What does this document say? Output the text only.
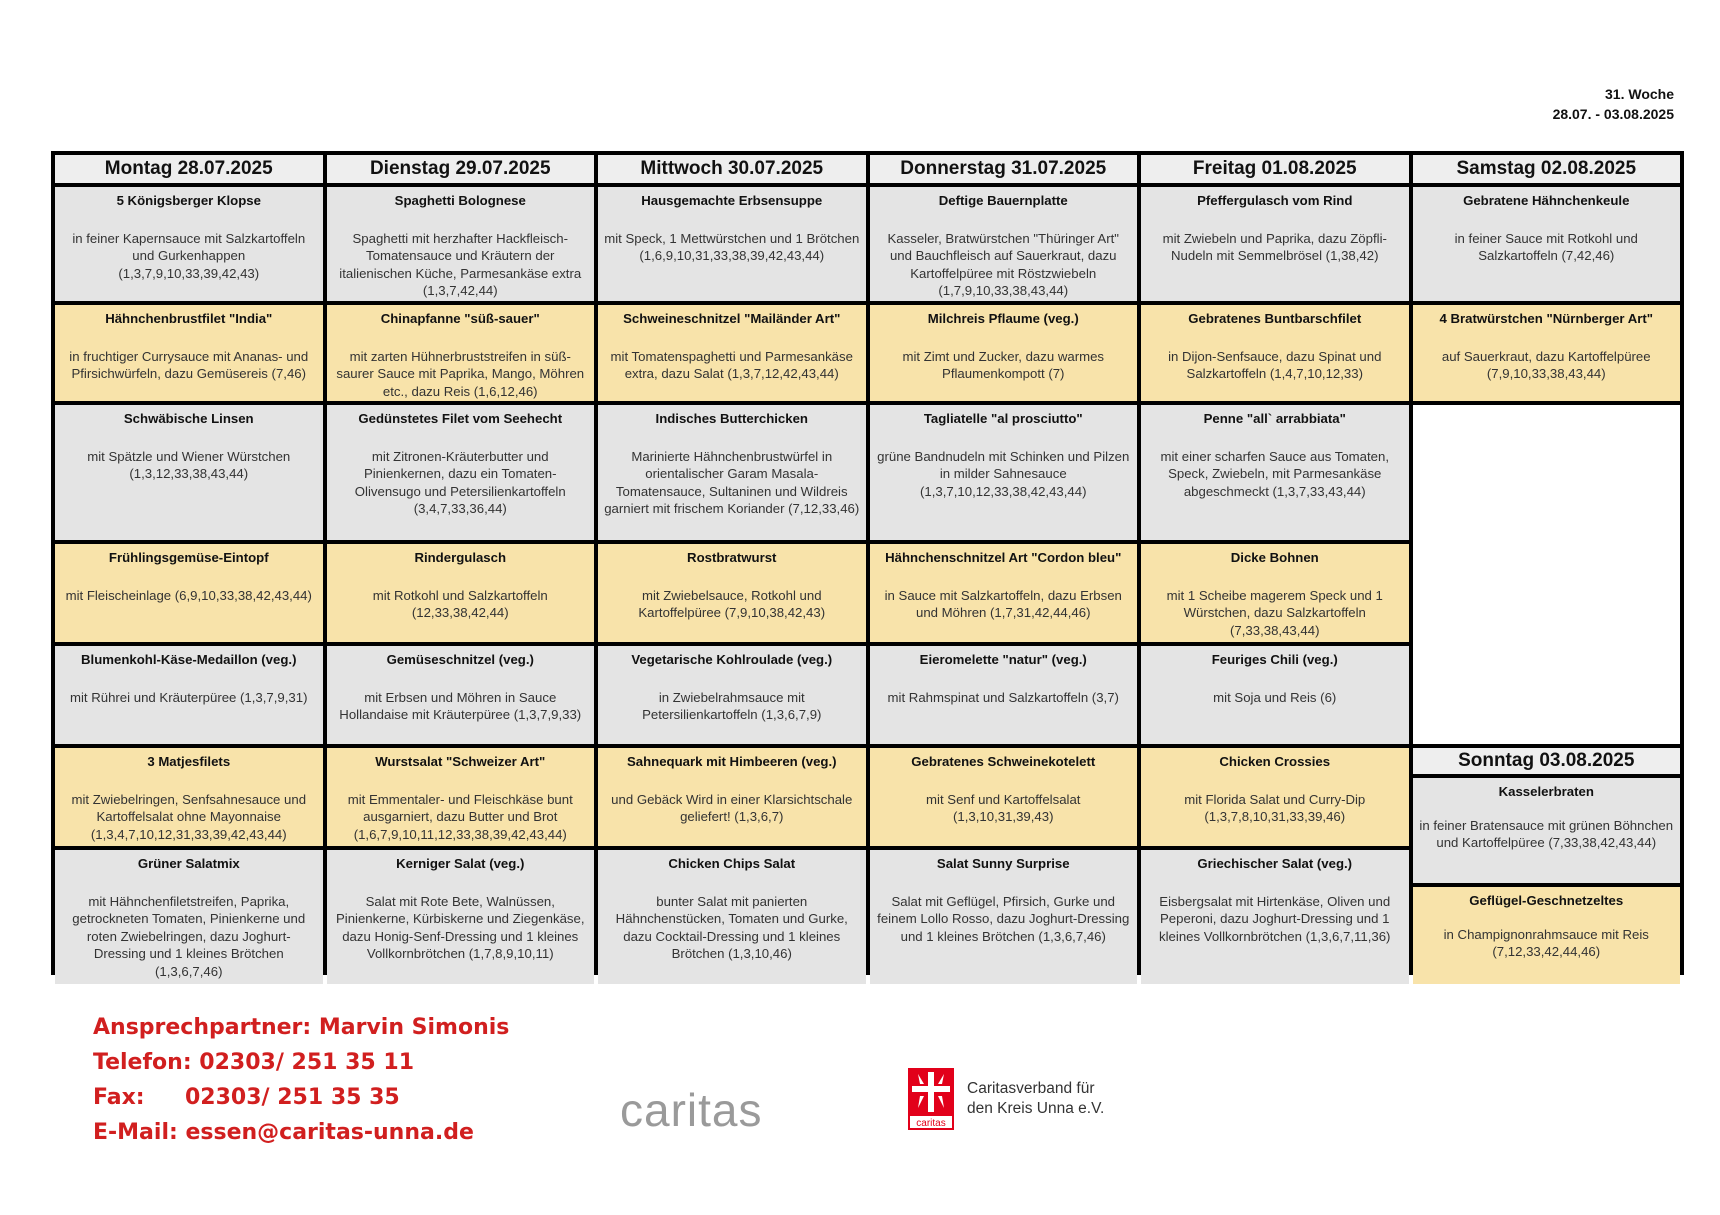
31. Woche
28.07. - 03.08.2025
Montag 28.07.2025
5 Königsberger Klopse
in feiner Kapernsauce mit Salzkartoffeln und Gurkenhappen (1,3,7,9,10,33,39,42,43)
Hähnchenbrustfilet "India"
in fruchtiger Currysauce mit Ananas- und Pfirsichwürfeln, dazu Gemüsereis (7,46)
Schwäbische Linsen
mit Spätzle und Wiener Würstchen (1,3,12,33,38,43,44)
Frühlingsgemüse-Eintopf
mit Fleischeinlage (6,9,10,33,38,42,43,44)
Blumenkohl-Käse-Medaillon (veg.)
mit Rührei und Kräuterpüree (1,3,7,9,31)
3 Matjesfilets
mit Zwiebelringen, Senfsahnesauce und Kartoffelsalat ohne Mayonnaise (1,3,4,7,10,12,31,33,39,42,43,44)
Grüner Salatmix
mit Hähnchenfiletstreifen, Paprika, getrockneten Tomaten, Pinienkerne und roten Zwiebelringen, dazu Joghurt-Dressing und 1 kleines Brötchen (1,3,6,7,46)
Dienstag 29.07.2025
Spaghetti Bolognese
Spaghetti mit herzhafter Hackfleisch-Tomatensauce und Kräutern der italienischen Küche, Parmesankäse extra (1,3,7,42,44)
Chinapfanne "süß-sauer"
mit zarten Hühnerbruststreifen in süß-saurer Sauce mit Paprika, Mango, Möhren etc., dazu Reis (1,6,12,46)
Gedünstetes Filet vom Seehecht
mit Zitronen-Kräuterbutter und Pinienkernen, dazu ein Tomaten-Olivensugo und Petersilienkartoffeln (3,4,7,33,36,44)
Rindergulasch
mit Rotkohl und Salzkartoffeln (12,33,38,42,44)
Gemüseschnitzel (veg.)
mit Erbsen und Möhren in Sauce Hollandaise mit Kräuterpüree (1,3,7,9,33)
Wurstsalat "Schweizer Art"
mit Emmentaler- und Fleischkäse bunt ausgarniert, dazu Butter und Brot (1,6,7,9,10,11,12,33,38,39,42,43,44)
Kerniger Salat (veg.)
Salat mit Rote Bete, Walnüssen, Pinienkerne, Kürbiskerne und Ziegenkäse, dazu Honig-Senf-Dressing und 1 kleines Vollkornbrötchen (1,7,8,9,10,11)
Mittwoch 30.07.2025
Hausgemachte Erbsensuppe
mit Speck, 1 Mettwürstchen und 1 Brötchen (1,6,9,10,31,33,38,39,42,43,44)
Schweineschnitzel "Mailänder Art"
mit Tomatenspaghetti und Parmesankäse extra, dazu Salat (1,3,7,12,42,43,44)
Indisches Butterchicken
Marinierte Hähnchenbrustwürfel in orientalischer Garam Masala-Tomatensauce, Sultaninen und Wildreis garniert mit frischem Koriander (7,12,33,46)
Rostbratwurst
mit Zwiebelsauce, Rotkohl und Kartoffelpüree (7,9,10,38,42,43)
Vegetarische Kohlroulade (veg.)
in Zwiebelrahmsauce mit Petersilienkartoffeln (1,3,6,7,9)
Sahnequark mit Himbeeren (veg.)
und Gebäck Wird in einer Klarsichtschale geliefert! (1,3,6,7)
Chicken Chips Salat
bunter Salat mit panierten Hähnchenstücken, Tomaten und Gurke, dazu Cocktail-Dressing und 1 kleines Brötchen (1,3,10,46)
Donnerstag 31.07.2025
Deftige Bauernplatte
Kasseler, Bratwürstchen "Thüringer Art" und Bauchfleisch auf Sauerkraut, dazu Kartoffelpüree mit Röstzwiebeln (1,7,9,10,33,38,43,44)
Milchreis Pflaume (veg.)
mit Zimt und Zucker, dazu warmes Pflaumenkompott (7)
Tagliatelle "al prosciutto"
grüne Bandnudeln mit Schinken und Pilzen in milder Sahnesauce (1,3,7,10,12,33,38,42,43,44)
Hähnchenschnitzel Art "Cordon bleu"
in Sauce mit Salzkartoffeln, dazu Erbsen und Möhren (1,7,31,42,44,46)
Eieromelette "natur" (veg.)
mit Rahmspinat und Salzkartoffeln (3,7)
Gebratenes Schweinekotelett
mit Senf und Kartoffelsalat (1,3,10,31,39,43)
Salat Sunny Surprise
Salat mit Geflügel, Pfirsich, Gurke und feinem Lollo Rosso, dazu Joghurt-Dressing und 1 kleines Brötchen (1,3,6,7,46)
Freitag 01.08.2025
Pfeffergulasch vom Rind
mit Zwiebeln und Paprika, dazu Zöpfli-Nudeln mit Semmelbrösel (1,38,42)
Gebratenes Buntbarschfilet
in Dijon-Senfsauce, dazu Spinat und Salzkartoffeln (1,4,7,10,12,33)
Penne "all` arrabbiata"
mit einer scharfen Sauce aus Tomaten, Speck, Zwiebeln, mit Parmesankäse abgeschmeckt (1,3,7,33,43,44)
Dicke Bohnen
mit 1 Scheibe magerem Speck und 1 Würstchen, dazu Salzkartoffeln (7,33,38,43,44)
Feuriges Chili (veg.)
mit Soja und Reis (6)
Chicken Crossies
mit Florida Salat und Curry-Dip (1,3,7,8,10,31,33,39,46)
Griechischer Salat (veg.)
Eisbergsalat mit Hirtenkäse, Oliven und Peperoni, dazu Joghurt-Dressing und 1 kleines Vollkornbrötchen (1,3,6,7,11,36)
Samstag 02.08.2025
Gebratene Hähnchenkeule
in feiner Sauce mit Rotkohl und Salzkartoffeln (7,42,46)
4 Bratwürstchen "Nürnberger Art"
auf Sauerkraut, dazu Kartoffelpüree (7,9,10,33,38,43,44)
Sonntag 03.08.2025
Kasselerbraten
in feiner Bratensauce mit grünen Böhnchen und Kartoffelpüree (7,33,38,42,43,44)
Geflügel-Geschnetzeltes
in Champignonrahmsauce mit Reis (7,12,33,42,44,46)
Ansprechpartner:
Marvin Simonis
Telefon:
02303/ 251 35 11
Fax:	02303/ 251 35 35
E-Mail:
essen@caritas-unna.de	caritas	caritas
Caritasverband für
den Kreis Unna e.V.
